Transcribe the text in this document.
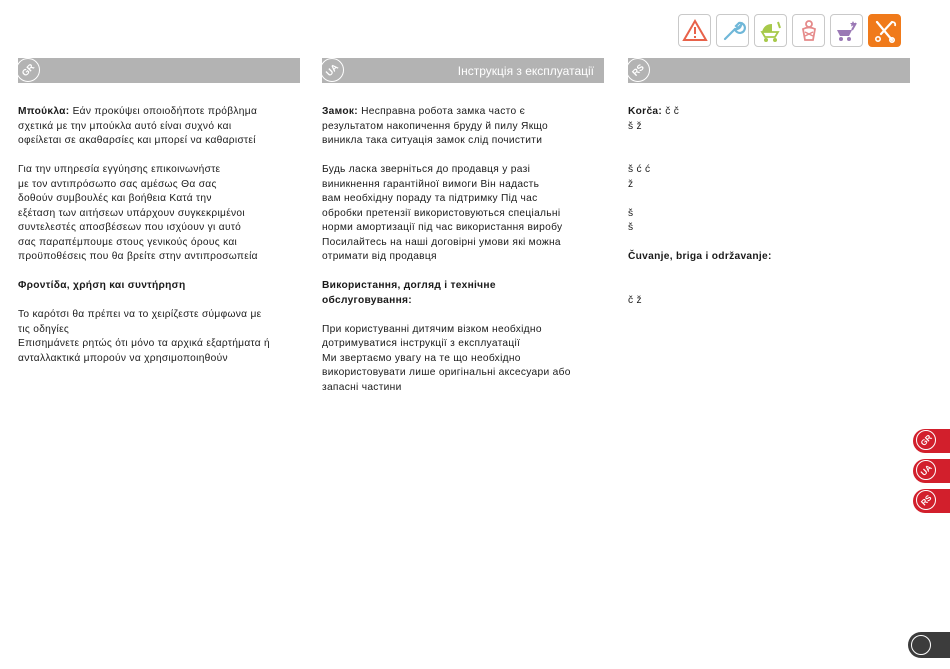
GR

Μπούκλα: Εάν προκύψει οποιοδήποτε πρόβλημα
σχετικά με την μπούκλα αυτό είναι συχνό και
οφείλεται σε ακαθαρσίες και μπορεί να καθαριστεί

Για την υπηρεσία εγγύησης επικοινωνήστε
με τον αντιπρόσωπο σας αμέσως Θα σας
δοθούν συμβουλές και βοήθεια Κατά την
εξέταση των αιτήσεων υπάρχουν συγκεκριμένοι
συντελεστές αποσβέσεων που ισχύουν γι αυτό
σας παραπέμπουμε στους γενικούς όρους και
προϋποθέσεις που θα βρείτε στην αντιπροσωπεία

Φροντίδα, χρήση και συντήρηση

Το καρότσι θα πρέπει να το χειρίζεστε σύμφωνα με
τις οδηγίες
Επισημάνετε ρητώς ότι μόνο τα αρχικά εξαρτήματα ή
ανταλλακτικά μπορούν να χρησιμοποιηθούν

UA	Інструкція з експлуатації

Замок: Несправна робота замка часто є
результатом накопичення бруду й пилу Якщо
виникла така ситуація замок слід почистити

Будь ласка зверніться до продавця у разі
виникнення гарантійної вимоги Він надасть
вам необхідну пораду та підтримку Під час
обробки претензії використовуються спеціальні
норми амортизації під час використання виробу
Посилайтесь на наші договірні умови які можна
отримати від продавця

Використання, догляд і технічне
обслуговування:

При користуванні дитячим візком необхідно
дотримуватися інструкції з експлуатації
Ми звертаємо увагу на те що необхідно
використовувати лише оригінальні аксесуари або
запасні частини

RS

Korča: č č
š ž

š ć ć
ž

š
š

Čuvanje, briga i održavanje:

č ž

GR
UA
RS
